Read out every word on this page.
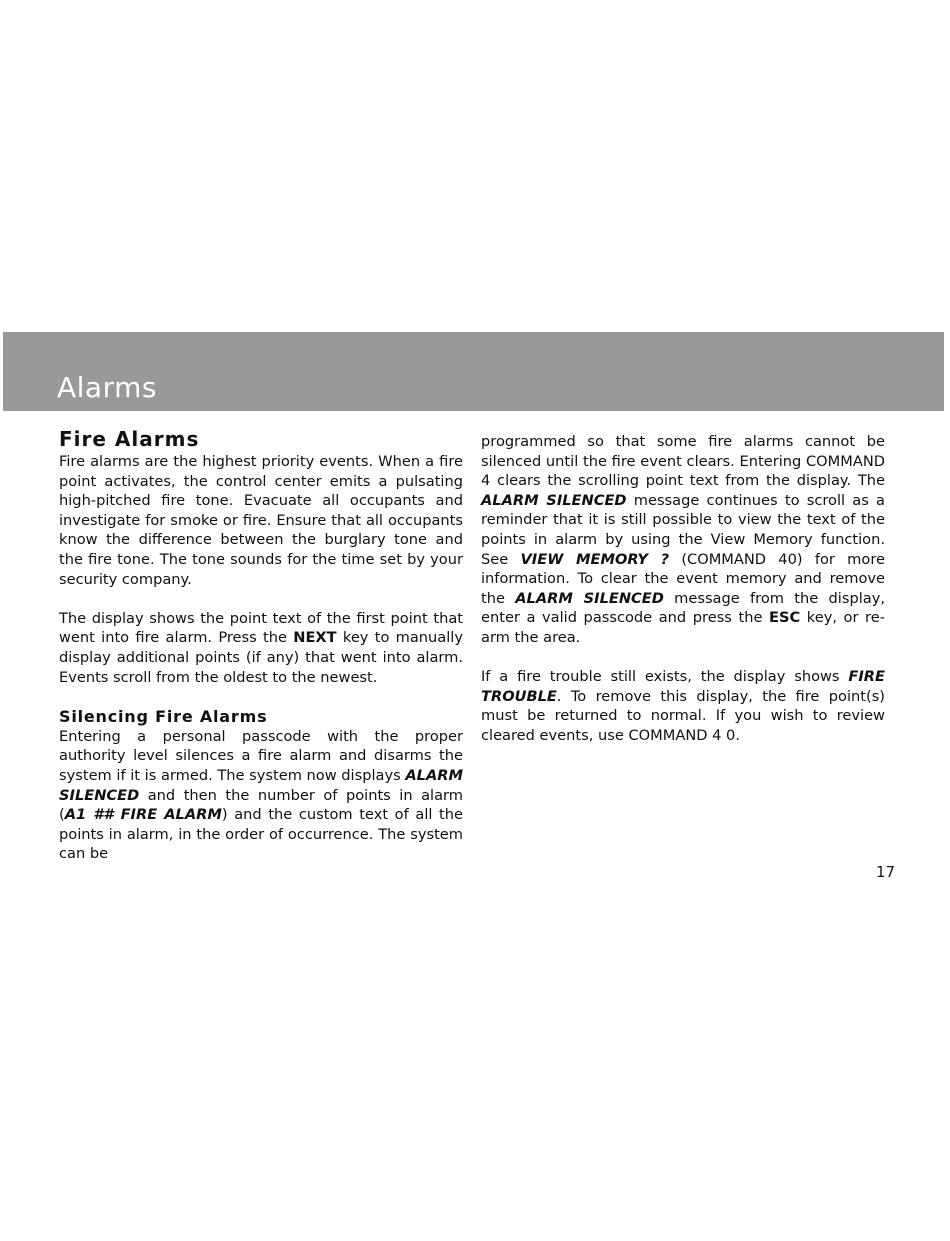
Alarms
Fire Alarms

Fire alarms are the highest priority events. When a fire point activates, the control center emits a pulsating high-pitched fire tone. Evacuate all occupants and investigate for smoke or fire. Ensure that all occupants know the difference between the burglary tone and the fire tone. The tone sounds for the time set by your security company.

The display shows the point text of the first point that went into fire alarm. Press the NEXT key to manually display additional points (if any) that went into alarm. Events scroll from the oldest to the newest.

Silencing Fire Alarms

Entering a personal passcode with the proper authority level silences a fire alarm and disarms the system if it is armed. The system now displays ALARM SILENCED and then the number of points in alarm (A1 ## FIRE ALARM) and the custom text of all the points in alarm, in the order of occurrence. The system can be

programmed so that some fire alarms cannot be silenced until the fire event clears. Entering COMMAND 4 clears the scrolling point text from the display. The ALARM SILENCED message continues to scroll as a reminder that it is still possible to view the text of the points in alarm by using the View Memory function. See VIEW MEMORY ? (COMMAND 40) for more information. To clear the event memory and remove the ALARM SILENCED message from the display, enter a valid passcode and press the ESC key, or re-arm the area.

If a fire trouble still exists, the display shows FIRE TROUBLE. To remove this display, the fire point(s) must be returned to normal. If you wish to review cleared events, use COMMAND 4 0.

17
